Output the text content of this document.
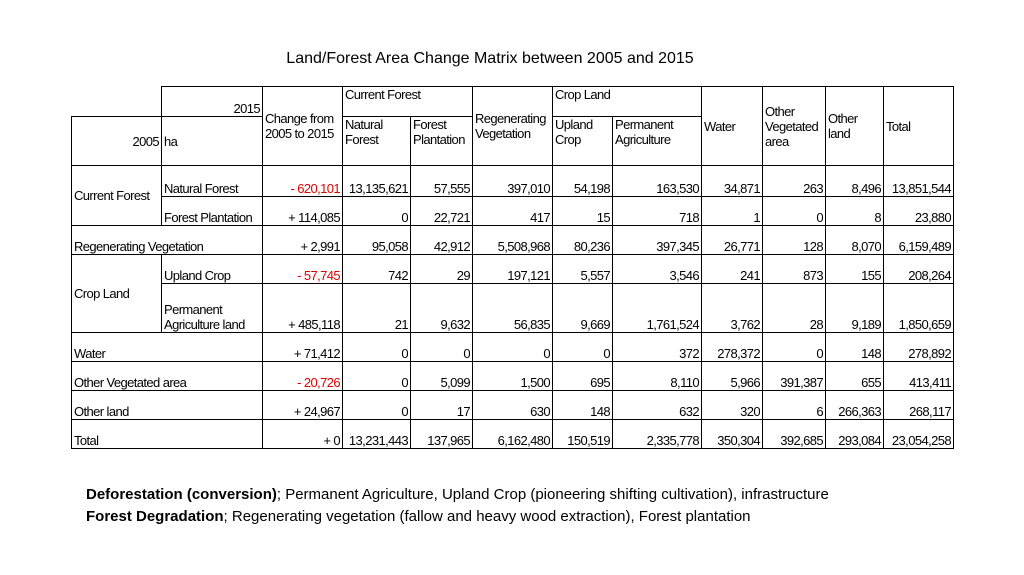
Land/Forest Area Change Matrix between 2005 and 2015
	2015	Change from 2005 to 2015	Current Forest		Regenerating Vegetation	Crop Land		Water	Other Vegetated area	Other land	Total
2005	ha		Natural Forest	Forest Plantation		Upland Crop	Permanent Agriculture				
Current Forest	Natural Forest	- 620,101	13,135,621	57,555	397,010	54,198	163,530	34,871	263	8,496	13,851,544
	Forest Plantation	+ 114,085	0	22,721	417	15	718	1	0	8	23,880
Regenerating Vegetation		+ 2,991	95,058	42,912	5,508,968	80,236	397,345	26,771	128	8,070	6,159,489
Crop Land	Upland Crop	- 57,745	742	29	197,121	5,557	3,546	241	873	155	208,264
	Permanent Agriculture land	+ 485,118	21	9,632	56,835	9,669	1,761,524	3,762	28	9,189	1,850,659
Water		+ 71,412	0	0	0	0	372	278,372	0	148	278,892
Other Vegetated area		- 20,726	0	5,099	1,500	695	8,110	5,966	391,387	655	413,411
Other land		+ 24,967	0	17	630	148	632	320	6	266,363	268,117
Total		+ 0	13,231,443	137,965	6,162,480	150,519	2,335,778	350,304	392,685	293,084	23,054,258
Deforestation (conversion); Permanent Agriculture, Upland Crop (pioneering shifting cultivation), infrastructure
Forest Degradation; Regenerating vegetation (fallow and heavy wood extraction), Forest plantation
